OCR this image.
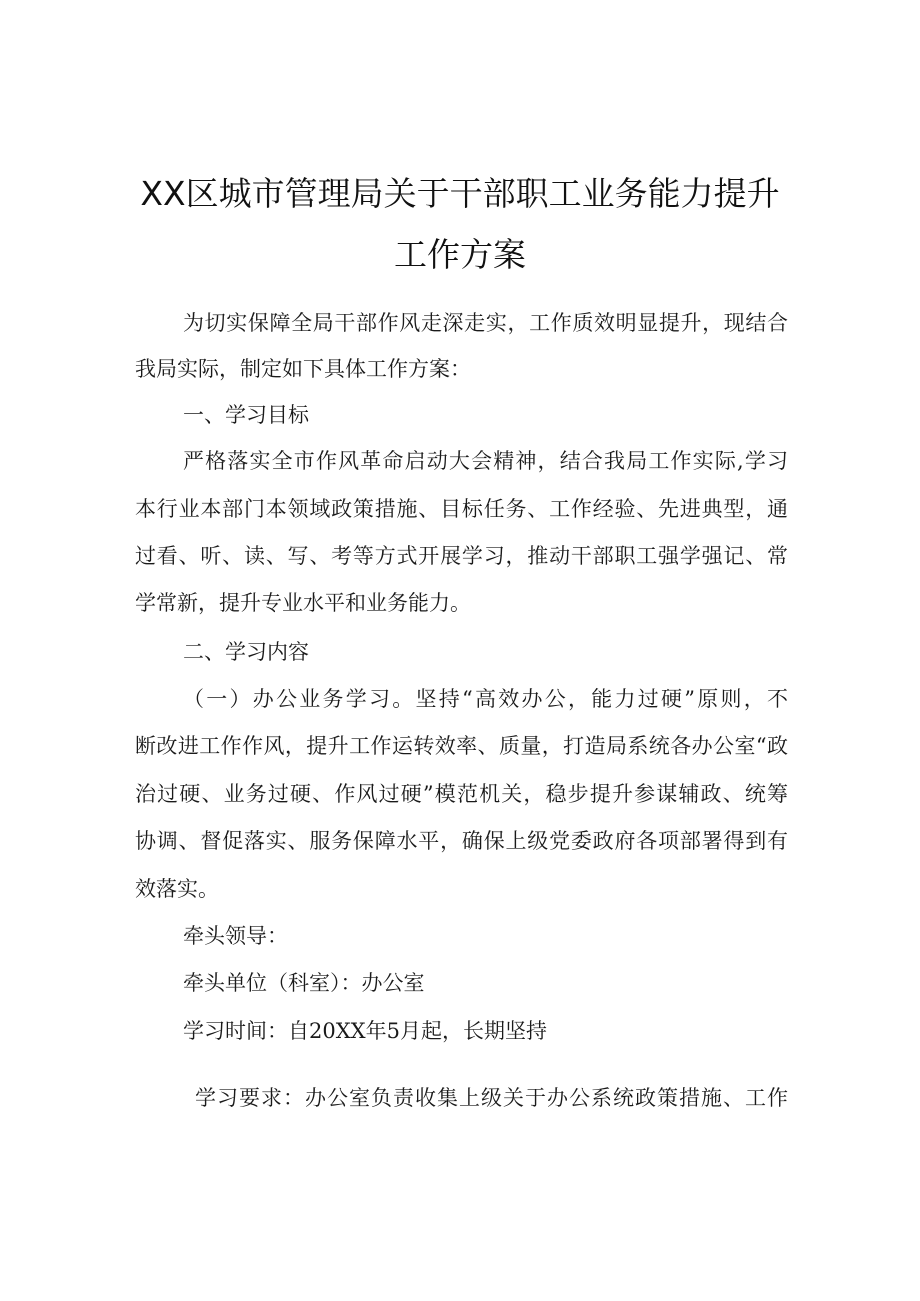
XX区城市管理局关于干部职工业务能力提升
工作方案
为切实保障全局干部作风走深走实，工作质效明显提升，现结合
我局实际，制定如下具体工作方案：
一、学习目标
严格落实全市作风革命启动大会精神，结合我局工作实际,学习
本行业本部门本领域政策措施、目标任务、工作经验、先进典型，通
过看、听、读、写、考等方式开展学习，推动干部职工强学强记、常
学常新，提升专业水平和业务能力。
二、学习内容
（一）办公业务学习。坚持“高效办公，能力过硬”原则，不
断改进工作作风，提升工作运转效率、质量，打造局系统各办公室“政
治过硬、业务过硬、作风过硬”模范机关，稳步提升参谋辅政、统筹
协调、督促落实、服务保障水平，确保上级党委政府各项部署得到有
效落实。
牵头领导：
牵头单位（科室）：办公室
学习时间：自20XX年5月起，长期坚持
学习要求：办公室负责收集上级关于办公系统政策措施、工作
